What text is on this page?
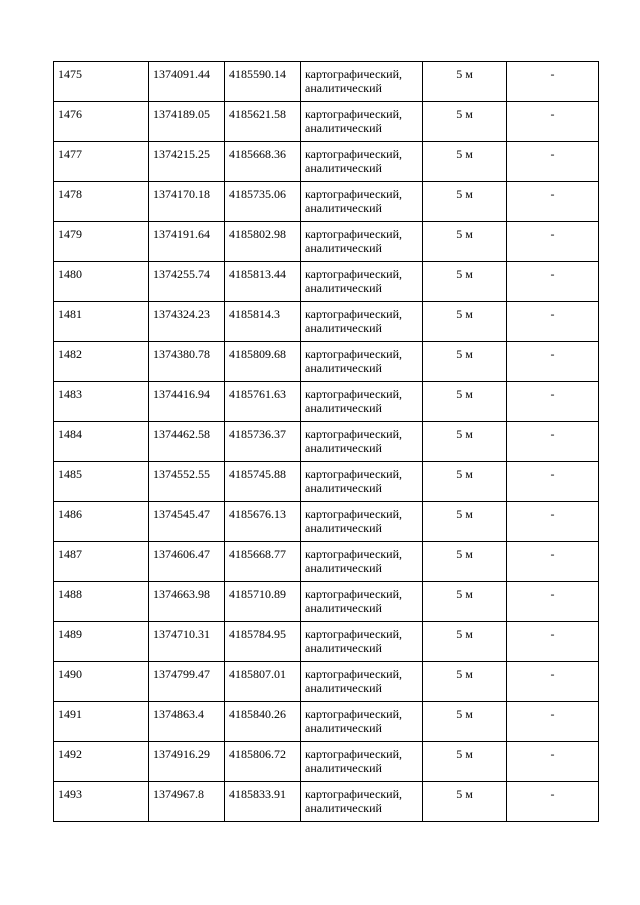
1475	1374091.44	4185590.14	картографический,
аналитический	5 м	-
1476	1374189.05	4185621.58	картографический,
аналитический	5 м	-
1477	1374215.25	4185668.36	картографический,
аналитический	5 м	-
1478	1374170.18	4185735.06	картографический,
аналитический	5 м	-
1479	1374191.64	4185802.98	картографический,
аналитический	5 м	-
1480	1374255.74	4185813.44	картографический,
аналитический	5 м	-
1481	1374324.23	4185814.3	картографический,
аналитический	5 м	-
1482	1374380.78	4185809.68	картографический,
аналитический	5 м	-
1483	1374416.94	4185761.63	картографический,
аналитический	5 м	-
1484	1374462.58	4185736.37	картографический,
аналитический	5 м	-
1485	1374552.55	4185745.88	картографический,
аналитический	5 м	-
1486	1374545.47	4185676.13	картографический,
аналитический	5 м	-
1487	1374606.47	4185668.77	картографический,
аналитический	5 м	-
1488	1374663.98	4185710.89	картографический,
аналитический	5 м	-
1489	1374710.31	4185784.95	картографический,
аналитический	5 м	-
1490	1374799.47	4185807.01	картографический,
аналитический	5 м	-
1491	1374863.4	4185840.26	картографический,
аналитический	5 м	-
1492	1374916.29	4185806.72	картографический,
аналитический	5 м	-
1493	1374967.8	4185833.91	картографический,
аналитический	5 м	-
